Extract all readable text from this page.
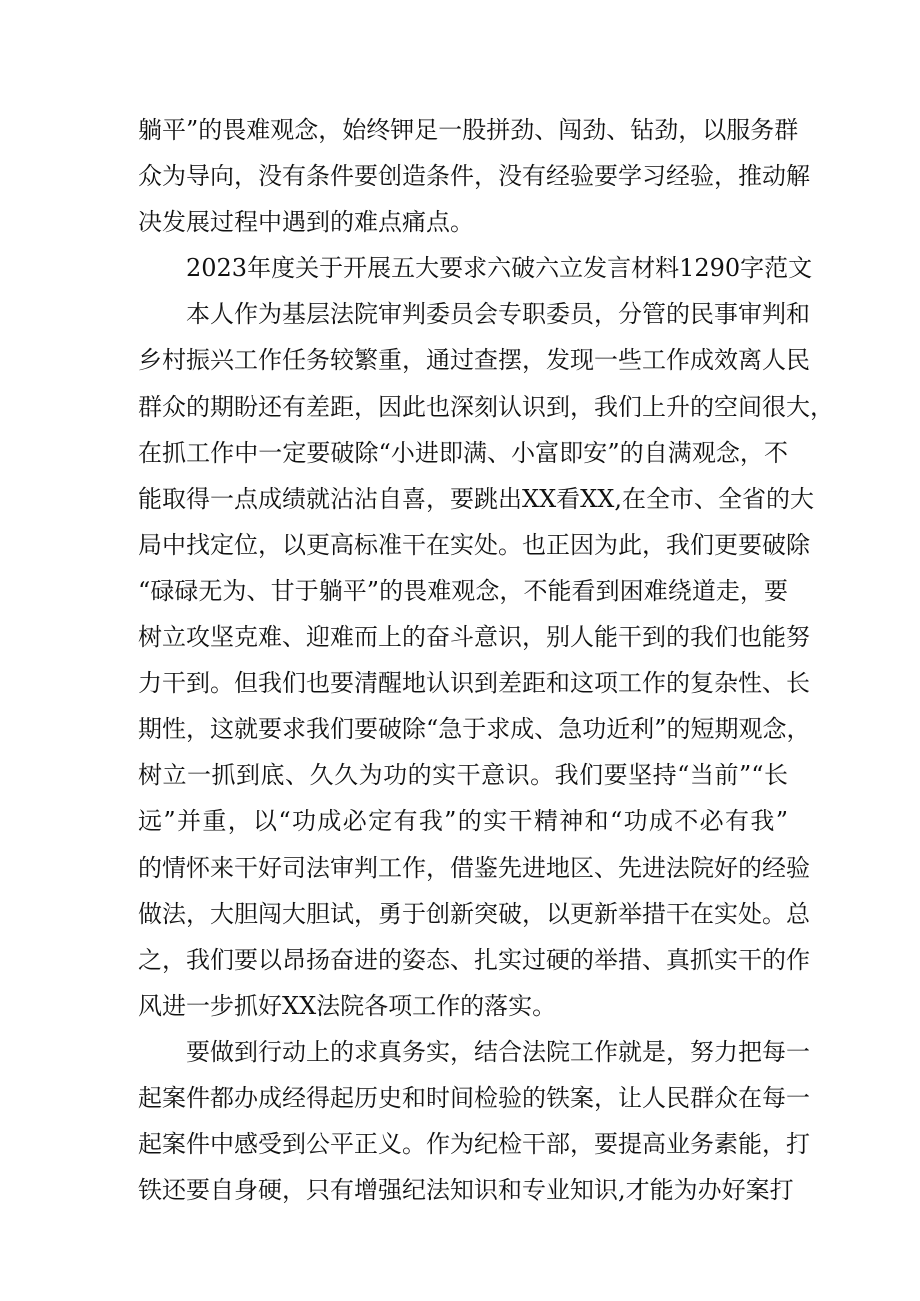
躺平”的畏难观念，始终钾足一股拼劲、闯劲、钻劲，以服务群
众为导向，没有条件要创造条件，没有经验要学习经验，推动解
决发展过程中遇到的难点痛点。
2023年度关于开展五大要求六破六立发言材料1290字范文
本人作为基层法院审判委员会专职委员，分管的民事审判和
乡村振兴工作任务较繁重，通过查摆，发现一些工作成效离人民
群众的期盼还有差距，因此也深刻认识到，我们上升的空间很大，
在抓工作中一定要破除“小进即满、小富即安”的自满观念，不
能取得一点成绩就沾沾自喜，要跳出XX看XX,在全市、全省的大
局中找定位，以更高标准干在实处。也正因为此，我们更要破除
“碌碌无为、甘于躺平”的畏难观念，不能看到困难绕道走，要
树立攻坚克难、迎难而上的奋斗意识，别人能干到的我们也能努
力干到。但我们也要清醒地认识到差距和这项工作的复杂性、长
期性，这就要求我们要破除“急于求成、急功近利”的短期观念，
树立一抓到底、久久为功的实干意识。我们要坚持“当前”“长
远”并重，以“功成必定有我”的实干精神和“功成不必有我”
的情怀来干好司法审判工作，借鉴先进地区、先进法院好的经验
做法，大胆闯大胆试，勇于创新突破，以更新举措干在实处。总
之，我们要以昂扬奋进的姿态、扎实过硬的举措、真抓实干的作
风进一步抓好XX法院各项工作的落实。
要做到行动上的求真务实，结合法院工作就是，努力把每一
起案件都办成经得起历史和时间检验的铁案，让人民群众在每一
起案件中感受到公平正义。作为纪检干部，要提高业务素能，打
铁还要自身硬，只有增强纪法知识和专业知识,才能为办好案打
